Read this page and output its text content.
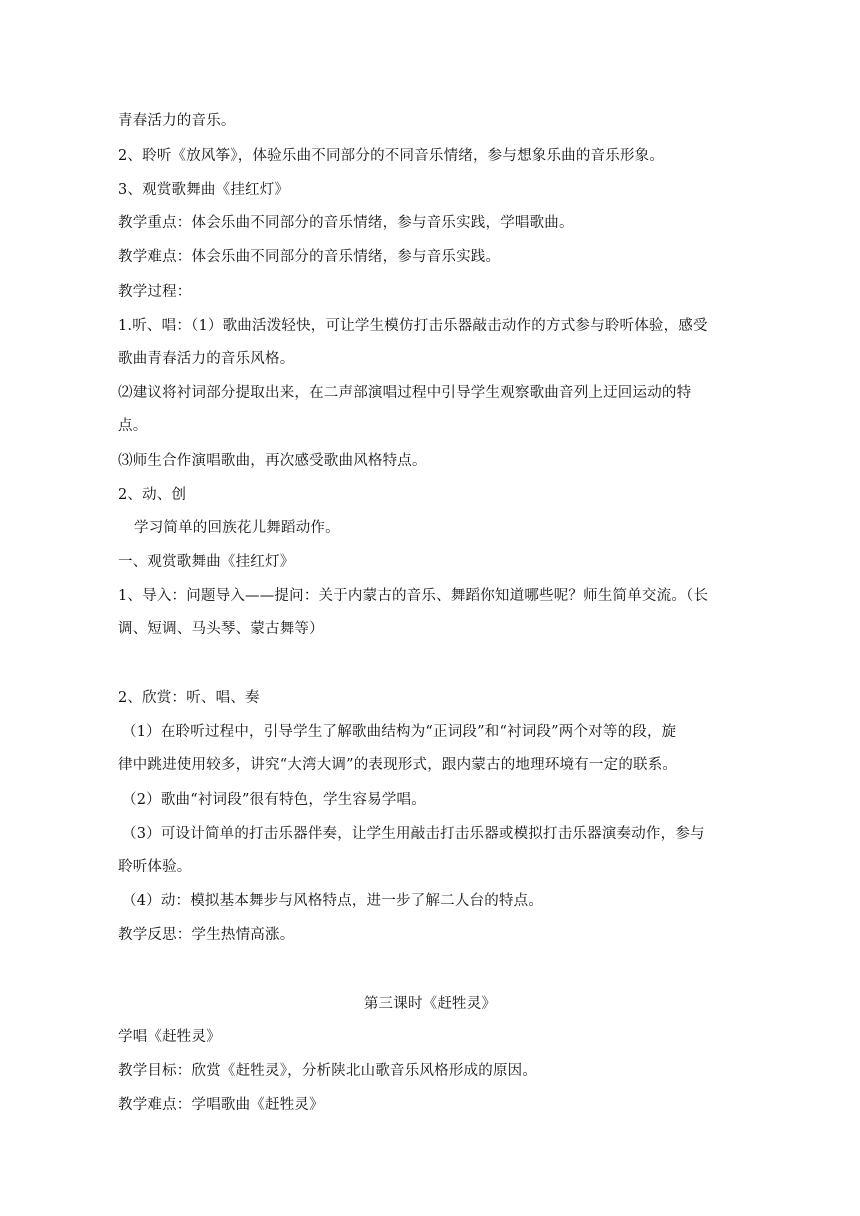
青春活力的音乐。
2、聆听《放风筝》，体验乐曲不同部分的不同音乐情绪，参与想象乐曲的音乐形象。
3、观赏歌舞曲《挂红灯》
教学重点：体会乐曲不同部分的音乐情绪，参与音乐实践，学唱歌曲。
教学难点：体会乐曲不同部分的音乐情绪，参与音乐实践。
教学过程：
1.听、唱：（1）歌曲活泼轻快，可让学生模仿打击乐器敲击动作的方式参与聆听体验，感受
歌曲青春活力的音乐风格。
⑵建议将衬词部分提取出来，在二声部演唱过程中引导学生观察歌曲音列上迂回运动的特
点。
⑶师生合作演唱歌曲，再次感受歌曲风格特点。
2、动、创
学习简单的回族花儿舞蹈动作。
一、观赏歌舞曲《挂红灯》
1、导入：问题导入——提问：关于内蒙古的音乐、舞蹈你知道哪些呢？师生简单交流。（长
调、短调、马头琴、蒙古舞等）
2、欣赏：听、唱、奏
（1）在聆听过程中，引导学生了解歌曲结构为“正词段”和“衬词段”两个对等的段，旋
律中跳进使用较多，讲究“大湾大调”的表现形式，跟内蒙古的地理环境有一定的联系。
（2）歌曲“衬词段”很有特色，学生容易学唱。
（3）可设计简单的打击乐器伴奏，让学生用敲击打击乐器或模拟打击乐器演奏动作，参与
聆听体验。
（4）动：模拟基本舞步与风格特点，进一步了解二人台的特点。
教学反思：学生热情高涨。
第三课时《赶牲灵》
学唱《赶牲灵》
教学目标：欣赏《赶牲灵》，分析陕北山歌音乐风格形成的原因。
教学难点：学唱歌曲《赶牲灵》
